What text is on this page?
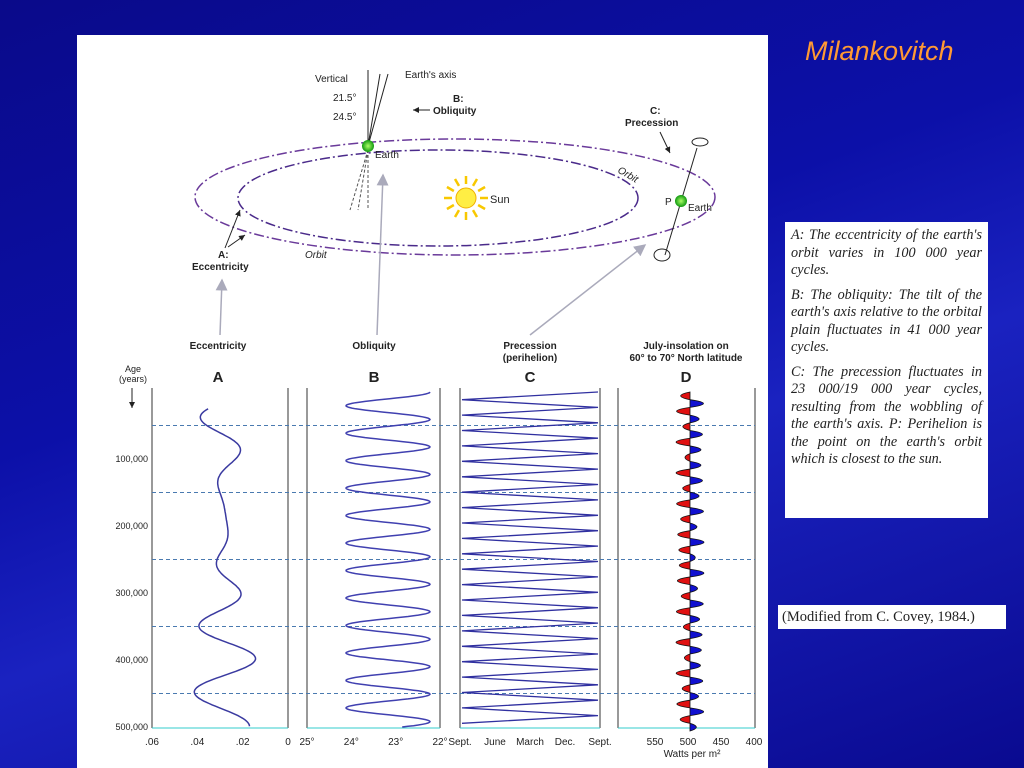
Milankovitch
Sun
Earth
Vertical	Earth's axis
21.5°
24.5°
B:
Obliquity
P
Earth
C:
Precession
Orbit
Orbit
A:
Eccentricity
Eccentricity	Obliquity	Precession
(perihelion)
July-insolation on
60° to 70° North latitude
A	B	C	D
Age
(years)
100,000
200,000
300,000
400,000
500,000
.06	.04	.02	0 25°	24°	23°	22° Sept. June March Dec. Sept.	550 500 450 400
Watts per m²

A: The eccentricity of the earth's orbit varies in 100 000 year cycles.

B: The obliquity: The tilt of the earth's axis relative to the orbital plain fluctuates in 41 000 year cycles.

C: The precession fluctuates in 23 000/19 000 year cycles, resulting from the wobbling of the earth's axis. P: Perihelion is the point on the earth's orbit which is closest to the sun.

(Modified from C. Covey, 1984.)
